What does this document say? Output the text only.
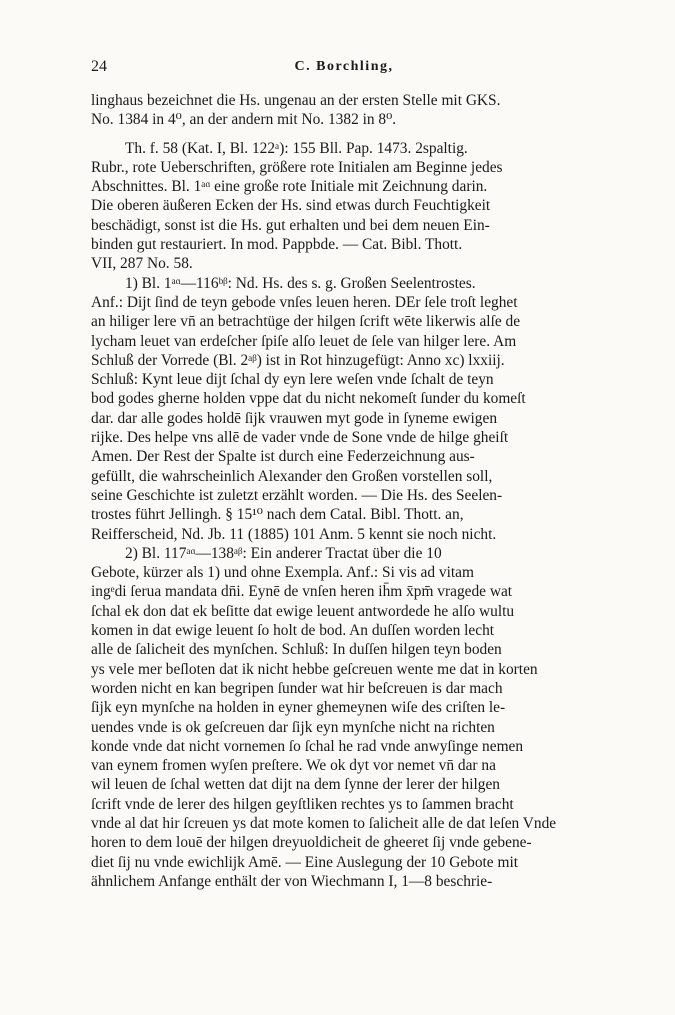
24	C. Borchling,
linghaus bezeichnet die Hs. ungenau an der ersten Stelle mit GKS.
No. 1384 in 4⁰, an der andern mit No. 1382 in 8⁰.
Th. f. 58 (Kat. I, Bl. 122ᵃ): 155 Bll. Pap. 1473. 2spaltig.
Rubr., rote Ueberschriften, größere rote Initialen am Beginne jedes
Abschnittes. Bl. 1ᵃᵅ eine große rote Initiale mit Zeichnung darin.
Die oberen äußeren Ecken der Hs. sind etwas durch Feuchtigkeit
beschädigt, sonst ist die Hs. gut erhalten und bei dem neuen Ein-
binden gut restauriert. In mod. Pappbde. — Cat. Bibl. Thott.
VII, 287 No. 58.
1) Bl. 1ᵃᵅ—116ᵇᵝ: Nd. Hs. des s. g. Großen Seelentrostes.
Anf.: Dijt ſind de teyn gebode vnſes leuen heren. DEr ſele troſt leghet
an hiliger lere vn̄ an betrachtüge der hilgen ſcrift wēte likerwis alſe de
lycham leuet van erdeſcher ſpiſe alſo leuet de ſele van hilger lere. Am
Schluß der Vorrede (Bl. 2ᵃᵝ) ist in Rot hinzugefügt: Anno xc) lxxiij.
Schluß: Kynt leue dijt ſchal dy eyn lere weſen vnde ſchalt de teyn
bod godes gherne holden vppe dat du nicht nekomeſt ſunder du komeſt
dar. dar alle godes holdē ſijk vrauwen myt gode in ſyneme ewigen
rijke. Des helpe vns allē de vader vnde de Sone vnde de hilge gheiſt
Amen. Der Rest der Spalte ist durch eine Federzeichnung aus-
gefüllt, die wahrscheinlich Alexander den Großen vorstellen soll,
seine Geschichte ist zuletzt erzählt worden. — Die Hs. des Seelen-
trostes führt Jellingh. § 15¹⁰ nach dem Catal. Bibl. Thott. an,
Reifferscheid, Nd. Jb. 11 (1885) 101 Anm. 5 kennt sie noch nicht.
2) Bl. 117ᵃᵅ—138ᵃᵝ: Ein anderer Tractat über die 10
Gebote, kürzer als 1) und ohne Exempla. Anf.: Si vis ad vitam
ingᵉdi ſerua mandata dn̄i. Eynē de vnſen heren ih̄m x̄pm̄ vragede wat
ſchal ek don dat ek beſitte dat ewige leuent antwordede he alſo wultu
komen in dat ewige leuent ſo holt de bod. An duſſen worden lecht
alle de ſalicheit des mynſchen. Schluß: In duſſen hilgen teyn boden
ys vele mer beſloten dat ik nicht hebbe geſcreuen wente me dat in korten
worden nicht en kan begripen ſunder wat hir beſcreuen is dar mach
ſijk eyn mynſche na holden in eyner ghemeynen wiſe des criſten le-
uendes vnde is ok geſcreuen dar ſijk eyn mynſche nicht na richten
konde vnde dat nicht vornemen ſo ſchal he rad vnde anwyſinge nemen
van eynem fromen wyſen preſtere. We ok dyt vor nemet vn̄ dar na
wil leuen de ſchal wetten dat dijt na dem ſynne der lerer der hilgen
ſcrift vnde de lerer des hilgen geyſtliken rechtes ys to ſammen bracht
vnde al dat hir ſcreuen ys dat mote komen to ſalicheit alle de dat leſen Vnde
horen to dem louē der hilgen dreyuoldicheit de gheeret ſij vnde gebene-
diet ſij nu vnde ewichlijk Amē. — Eine Auslegung der 10 Gebote mit
ähnlichem Anfange enthält der von Wiechmann I, 1—8 beschrie-
